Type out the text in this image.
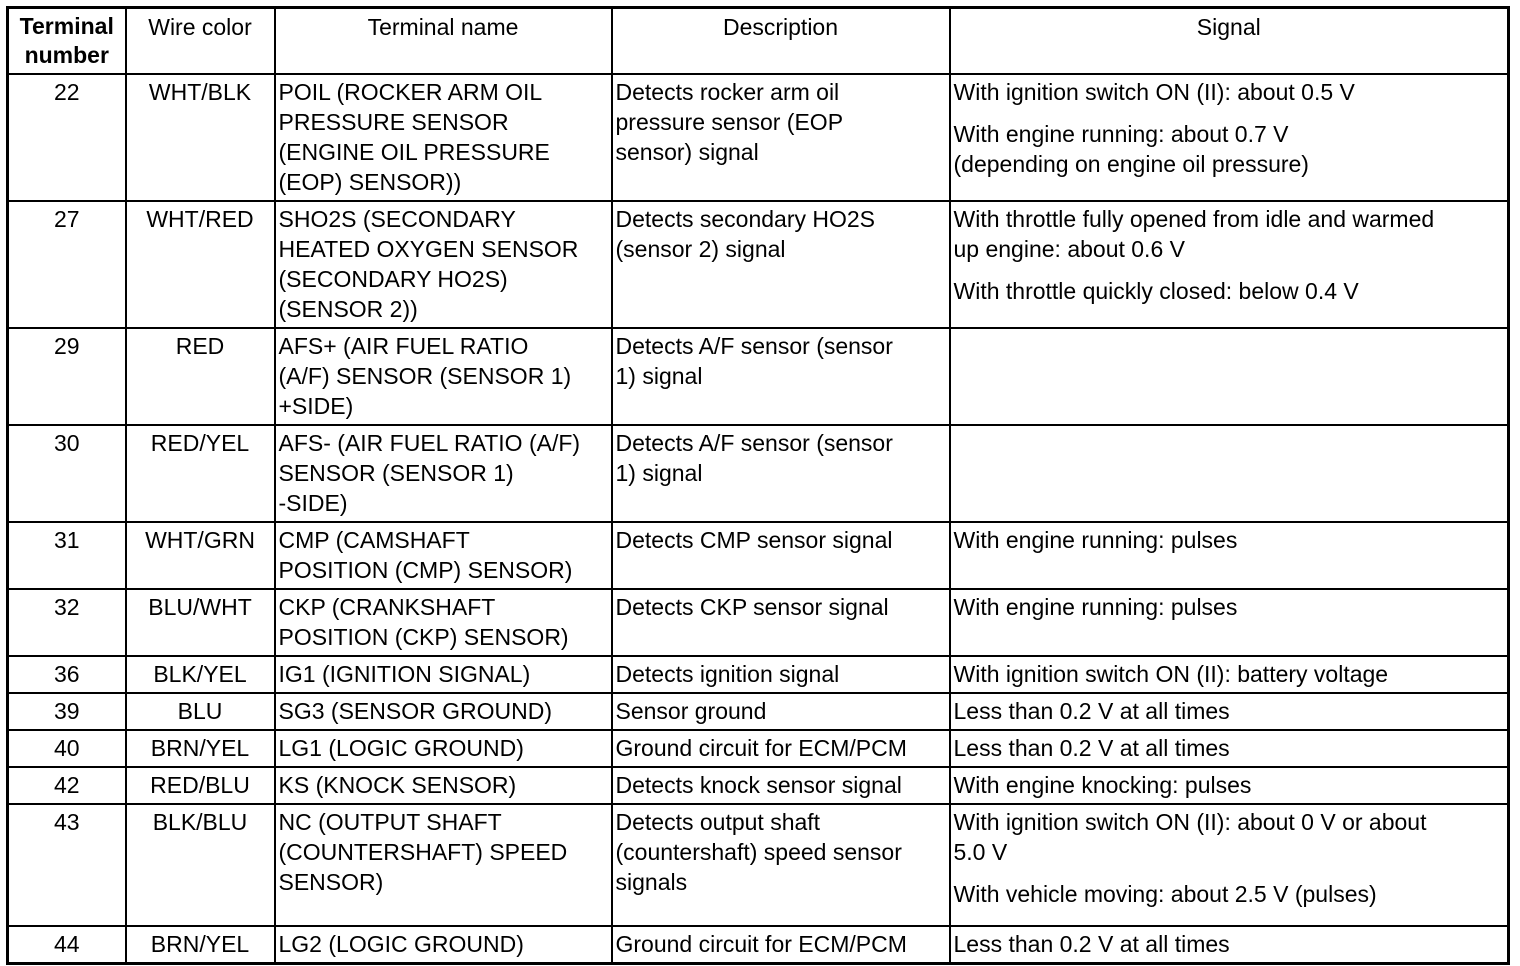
Terminal
number	Wire color	Terminal name	Description	Signal
22	WHT/BLK	POIL (ROCKER ARM OIL
PRESSURE SENSOR
(ENGINE OIL PRESSURE
(EOP) SENSOR))	Detects rocker arm oil
pressure sensor (EOP
sensor) signal	With ignition switch ON (II): about 0.5 V
With engine running: about 0.7 V
(depending on engine oil pressure)

27	WHT/RED	SHO2S (SECONDARY
HEATED OXYGEN SENSOR
(SECONDARY HO2S)
(SENSOR 2))	Detects secondary HO2S
(sensor 2) signal	With throttle fully opened from idle and warmed
up engine: about 0.6 V
With throttle quickly closed: below 0.4 V

29	RED	AFS+ (AIR FUEL RATIO
(A/F) SENSOR (SENSOR 1)
+SIDE)	Detects A/F sensor (sensor
1) signal	
30	RED/YEL	AFS- (AIR FUEL RATIO (A/F)
SENSOR (SENSOR 1)
-SIDE)	Detects A/F sensor (sensor
1) signal	
31	WHT/GRN	CMP (CAMSHAFT
POSITION (CMP) SENSOR)	Detects CMP sensor signal	With engine running: pulses

32	BLU/WHT	CKP (CRANKSHAFT
POSITION (CKP) SENSOR)	Detects CKP sensor signal	With engine running: pulses

36	BLK/YEL	IG1 (IGNITION SIGNAL)	Detects ignition signal	With ignition switch ON (II): battery voltage

39	BLU	SG3 (SENSOR GROUND)	Sensor ground	Less than 0.2 V at all times

40	BRN/YEL	LG1 (LOGIC GROUND)	Ground circuit for ECM/PCM	Less than 0.2 V at all times

42	RED/BLU	KS (KNOCK SENSOR)	Detects knock sensor signal	With engine knocking: pulses

43	BLK/BLU	NC (OUTPUT SHAFT
(COUNTERSHAFT) SPEED
SENSOR)	Detects output shaft
(countershaft) speed sensor
signals	With ignition switch ON (II): about 0 V or about
5.0 V
With vehicle moving: about 2.5 V (pulses)

44	BRN/YEL	LG2 (LOGIC GROUND)	Ground circuit for ECM/PCM	Less than 0.2 V at all times
